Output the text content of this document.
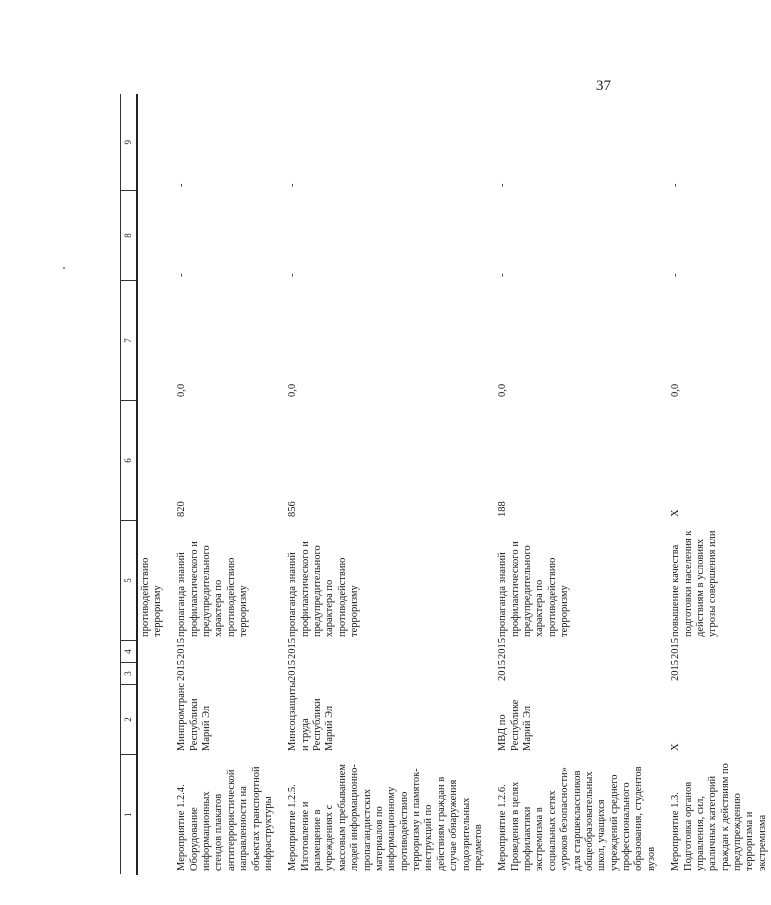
37
1	2	3	4	5	6	7	8	9
				противодействию терроризму				

Мероприятие 1.2.4. Оборудование информационных стендов плакатов антитеррористической направленности на объектах транспортной инфраструктуры	Минпромтранс Республики Марий Эл	2015	2015	пропаганда знаний профилактического и предупредительного характера по противодействию терроризму	820	0,0	-	-

Мероприятие 1.2.5. Изготовление и размещение в учреждениях с массовым пребыванием людей информационно-пропагандистских материалов по информационному противодействию терроризму и памяток-инструкций по действиям граждан в случае обнаружения подозрительных предметов	Минсоцзащиты и труда Республики Марий Эл	2015	2015	пропаганда знаний профилактического и предупредительного характера по противодействию терроризму	856	0,0	-	-

Мероприятие 1.2.6. Проведения в целях профилактики экстремизма в социальных сетях «уроков безопасности» для старшеклассников общеобразовательных школ, учащихся учреждений среднего профессионального образования, студентов вузов	МВД по Республике Марий Эл	2015	2015	пропаганда знаний профилактического и предупредительного характера по противодействию терроризму	188	0,0	-	-

Мероприятие 1.3. Подготовка органов управления, сил, различных категорий граждан к действиям по предупреждению терроризма и экстремизма	X	2015	2015	повышение качества подготовки населения к действиям в условиях угрозы совершения или	X	0,0	-	-
